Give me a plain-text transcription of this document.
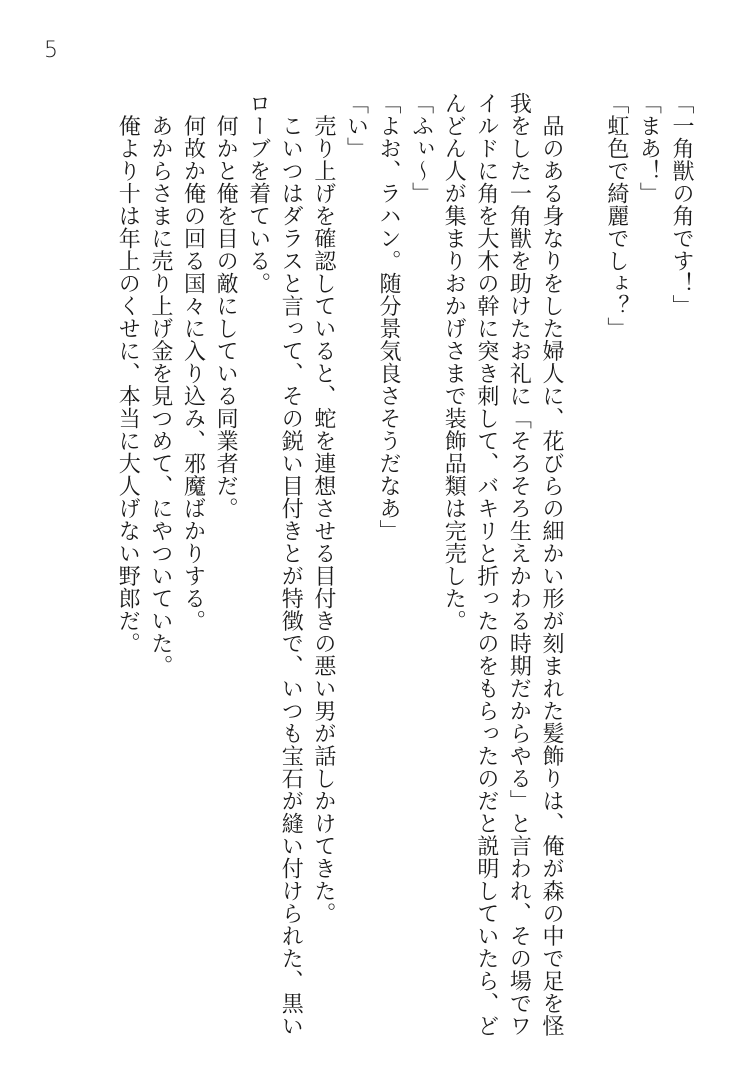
5

「一角獣の角です！」

「まあ！」

「虹色で綺麗でしょ？」

　品のある身なりをした婦人に、花びらの細かい形が刻まれた髪飾りは、俺が森の中で足を怪我をした一角獣を助けたお礼に「そろそろ生えかわる時期だからやる」と言われ、その場でワイルドに角を大木の幹に突き刺して、バキリと折ったのをもらったのだと説明していたら、どんどん人が集まりおかげさまで装飾品類は完売した。

「ふぃ～」

「よお、ラハン。随分景気良さそうだなあ」

「い」

　売り上げを確認していると、蛇を連想させる目付きの悪い男が話しかけてきた。

　こいつはダラスと言って、その鋭い目付きとが特徴で、いつも宝石が縫い付けられた、黒いローブを着ている。

　何かと俺を目の敵にしている同業者だ。

　何故か俺の回る国々に入り込み、邪魔ばかりする。

　あからさまに売り上げ金を見つめて、にやついていた。

　俺より十は年上のくせに、本当に大人げない野郎だ。
